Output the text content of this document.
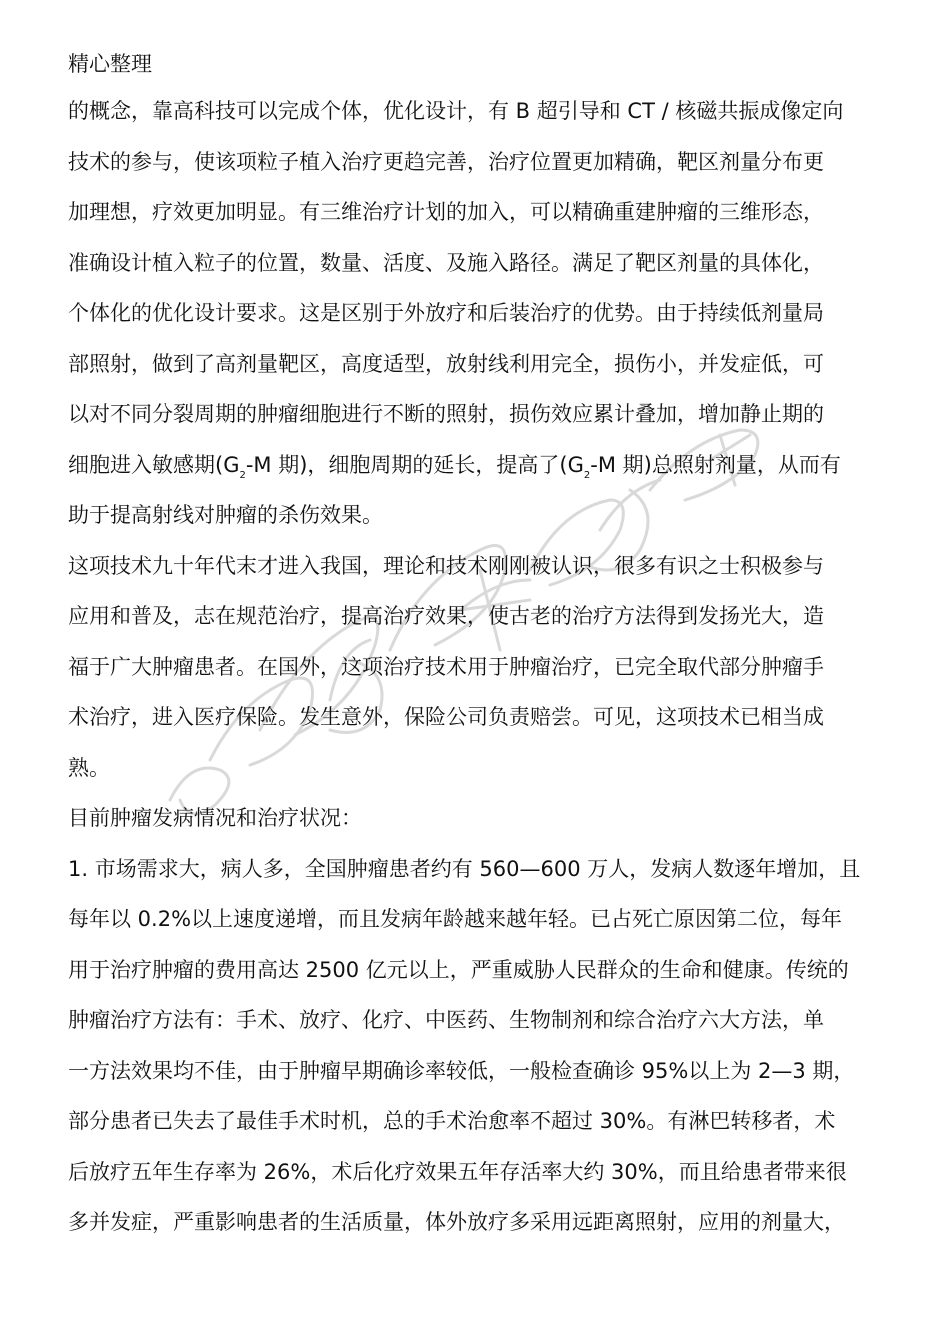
精心整理
的概念，靠高科技可以完成个体，优化设计，有 B 超引导和 CT / 核磁共振成像定向
技术的参与，使该项粒子植入治疗更趋完善，治疗位置更加精确，靶区剂量分布更
加理想，疗效更加明显。有三维治疗计划的加入，可以精确重建肿瘤的三维形态，
准确设计植入粒子的位置，数量、活度、及施入路径。满足了靶区剂量的具体化，
个体化的优化设计要求。这是区别于外放疗和后装治疗的优势。由于持续低剂量局
部照射，做到了高剂量靶区，高度适型，放射线利用完全，损伤小，并发症低，可
以对不同分裂周期的肿瘤细胞进行不断的照射，损伤效应累计叠加，增加静止期的
细胞进入敏感期($G_2-M$ 期)，细胞周期的延长，提高了($G_2-M$ 期)总照射剂量，从而有
助于提高射线对肿瘤的杀伤效果。
这项技术九十年代末才进入我国，理论和技术刚刚被认识，很多有识之士积极参与
应用和普及，志在规范治疗，提高治疗效果，使古老的治疗方法得到发扬光大，造
福于广大肿瘤患者。在国外，这项治疗技术用于肿瘤治疗，已完全取代部分肿瘤手
术治疗，进入医疗保险。发生意外，保险公司负责赔尝。可见，这项技术已相当成
熟。
目前肿瘤发病情况和治疗状况：
1. 市场需求大，病人多，全国肿瘤患者约有 560—600 万人，发病人数逐年增加，且
每年以 0.2%以上速度递增，而且发病年龄越来越年轻。已占死亡原因第二位，每年
用于治疗肿瘤的费用高达 2500 亿元以上，严重威胁人民群众的生命和健康。传统的
肿瘤治疗方法有：手术、放疗、化疗、中医药、生物制剂和综合治疗六大方法，单
一方法效果均不佳，由于肿瘤早期确诊率较低，一般检查确诊 95%以上为 2—3 期，
部分患者已失去了最佳手术时机，总的手术治愈率不超过 30%。有淋巴转移者，术
后放疗五年生存率为 26%，术后化疗效果五年存活率大约 30%，而且给患者带来很
多并发症，严重影响患者的生活质量，体外放疗多采用远距离照射，应用的剂量大，
